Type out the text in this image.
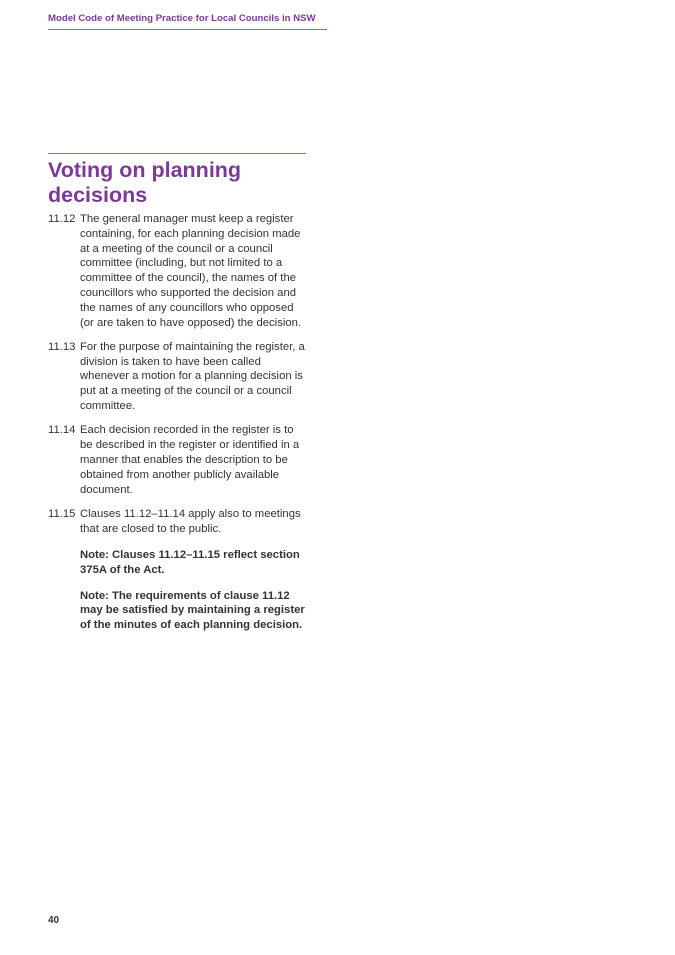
Model Code of Meeting Practice for Local Councils in NSW
Voting on planning decisions
11.12 The general manager must keep a register containing, for each planning decision made at a meeting of the council or a council committee (including, but not limited to a committee of the council), the names of the councillors who supported the decision and the names of any councillors who opposed (or are taken to have opposed) the decision.
11.13 For the purpose of maintaining the register, a division is taken to have been called whenever a motion for a planning decision is put at a meeting of the council or a council committee.
11.14 Each decision recorded in the register is to be described in the register or identified in a manner that enables the description to be obtained from another publicly available document.
11.15 Clauses 11.12–11.14 apply also to meetings that are closed to the public.

Note: Clauses 11.12–11.15 reflect section 375A of the Act.

Note: The requirements of clause 11.12 may be satisfied by maintaining a register of the minutes of each planning decision.

40
